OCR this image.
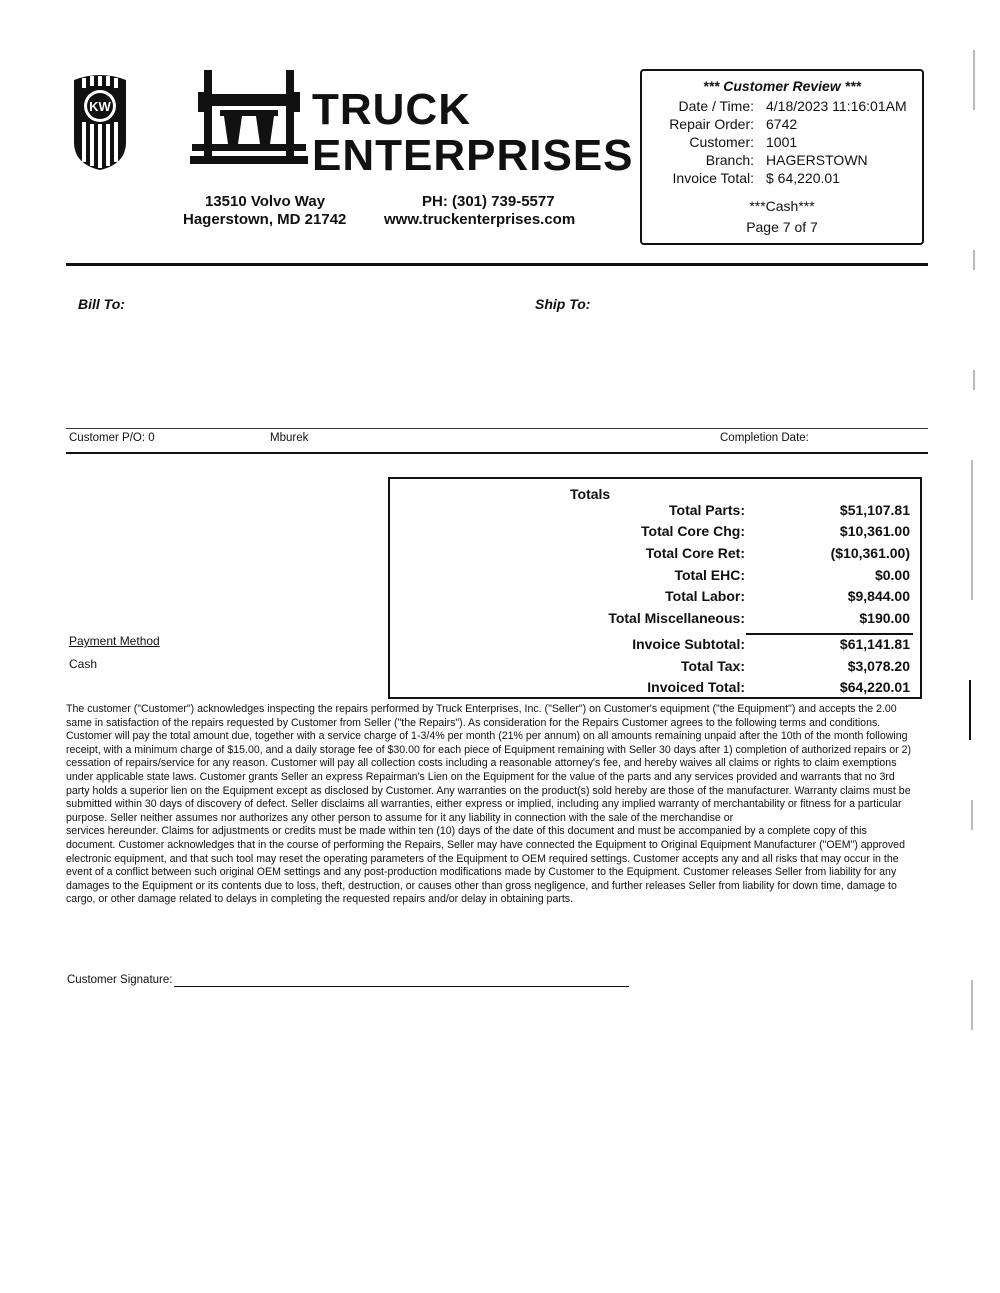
KW	TRUCK
ENTERPRISES
13510 Volvo Way
Hagerstown, MD 21742
PH: (301) 739-5577
www.truckenterprises.com
*** Customer Review ***
Date / Time: 4/18/2023 11:16:01AM
Repair Order: 6742
Customer: 1001
Branch: HAGERSTOWN
Invoice Total: $ 64,220.01
***Cash***
Page 7 of 7
Bill To:	Ship To:
Customer P/O: 0	Mburek	Completion Date:
Totals
Total Parts:	$51,107.81
Total Core Chg:	$10,361.00
Total Core Ret:	($10,361.00)
Total EHC:	$0.00
Total Labor:	$9,844.00
Total Miscellaneous:	$190.00
Invoice Subtotal:	$61,141.81
Total Tax:	$3,078.20
Invoiced Total:	$64,220.01
Payment Method
Cash

The customer ("Customer") acknowledges inspecting the repairs performed by Truck Enterprises, Inc. ("Seller") on Customer's equipment ("the Equipment") and accepts the 2.00 same in satisfaction of the repairs requested by Customer from Seller ("the Repairs"). As consideration for the Repairs Customer agrees to the following terms and conditions. Customer will pay the total amount due, together with a service charge of 1-3/4% per month (21% per annum) on all amounts remaining unpaid after the 10th of the month following receipt, with a minimum charge of $15.00, and a daily storage fee of $30.00 for each piece of Equipment remaining with Seller 30 days after 1) completion of authorized repairs or 2) cessation of repairs/service for any reason. Customer will pay all collection costs including a reasonable attorney's fee, and hereby waives all claims or rights to claim exemptions under applicable state laws. Customer grants Seller an express Repairman's Lien on the Equipment for the value of the parts and any services provided and warrants that no 3rd party holds a superior lien on the Equipment except as disclosed by Customer. Any warranties on the product(s) sold hereby are those of the manufacturer. Warranty claims must be submitted within 30 days of discovery of defect. Seller disclaims all warranties, either express or implied, including any implied warranty of merchantability or fitness for a particular purpose. Seller neither assumes nor authorizes any other person to assume for it any liability in connection with the sale of the merchandise or

services hereunder. Claims for adjustments or credits must be made within ten (10) days of the date of this document and must be accompanied by a complete copy of this document. Customer acknowledges that in the course of performing the Repairs, Seller may have connected the Equipment to Original Equipment Manufacturer ("OEM") approved electronic equipment, and that such tool may reset the operating parameters of the Equipment to OEM required settings. Customer accepts any and all risks that may occur in the event of a conflict between such original OEM settings and any post-production modifications made by Customer to the Equipment. Customer releases Seller from liability for any damages to the Equipment or its contents due to loss, theft, destruction, or causes other than gross negligence, and further releases Seller from liability for down time, damage to cargo, or other damage related to delays in completing the requested repairs and/or delay in obtaining parts.

Customer Signature:
